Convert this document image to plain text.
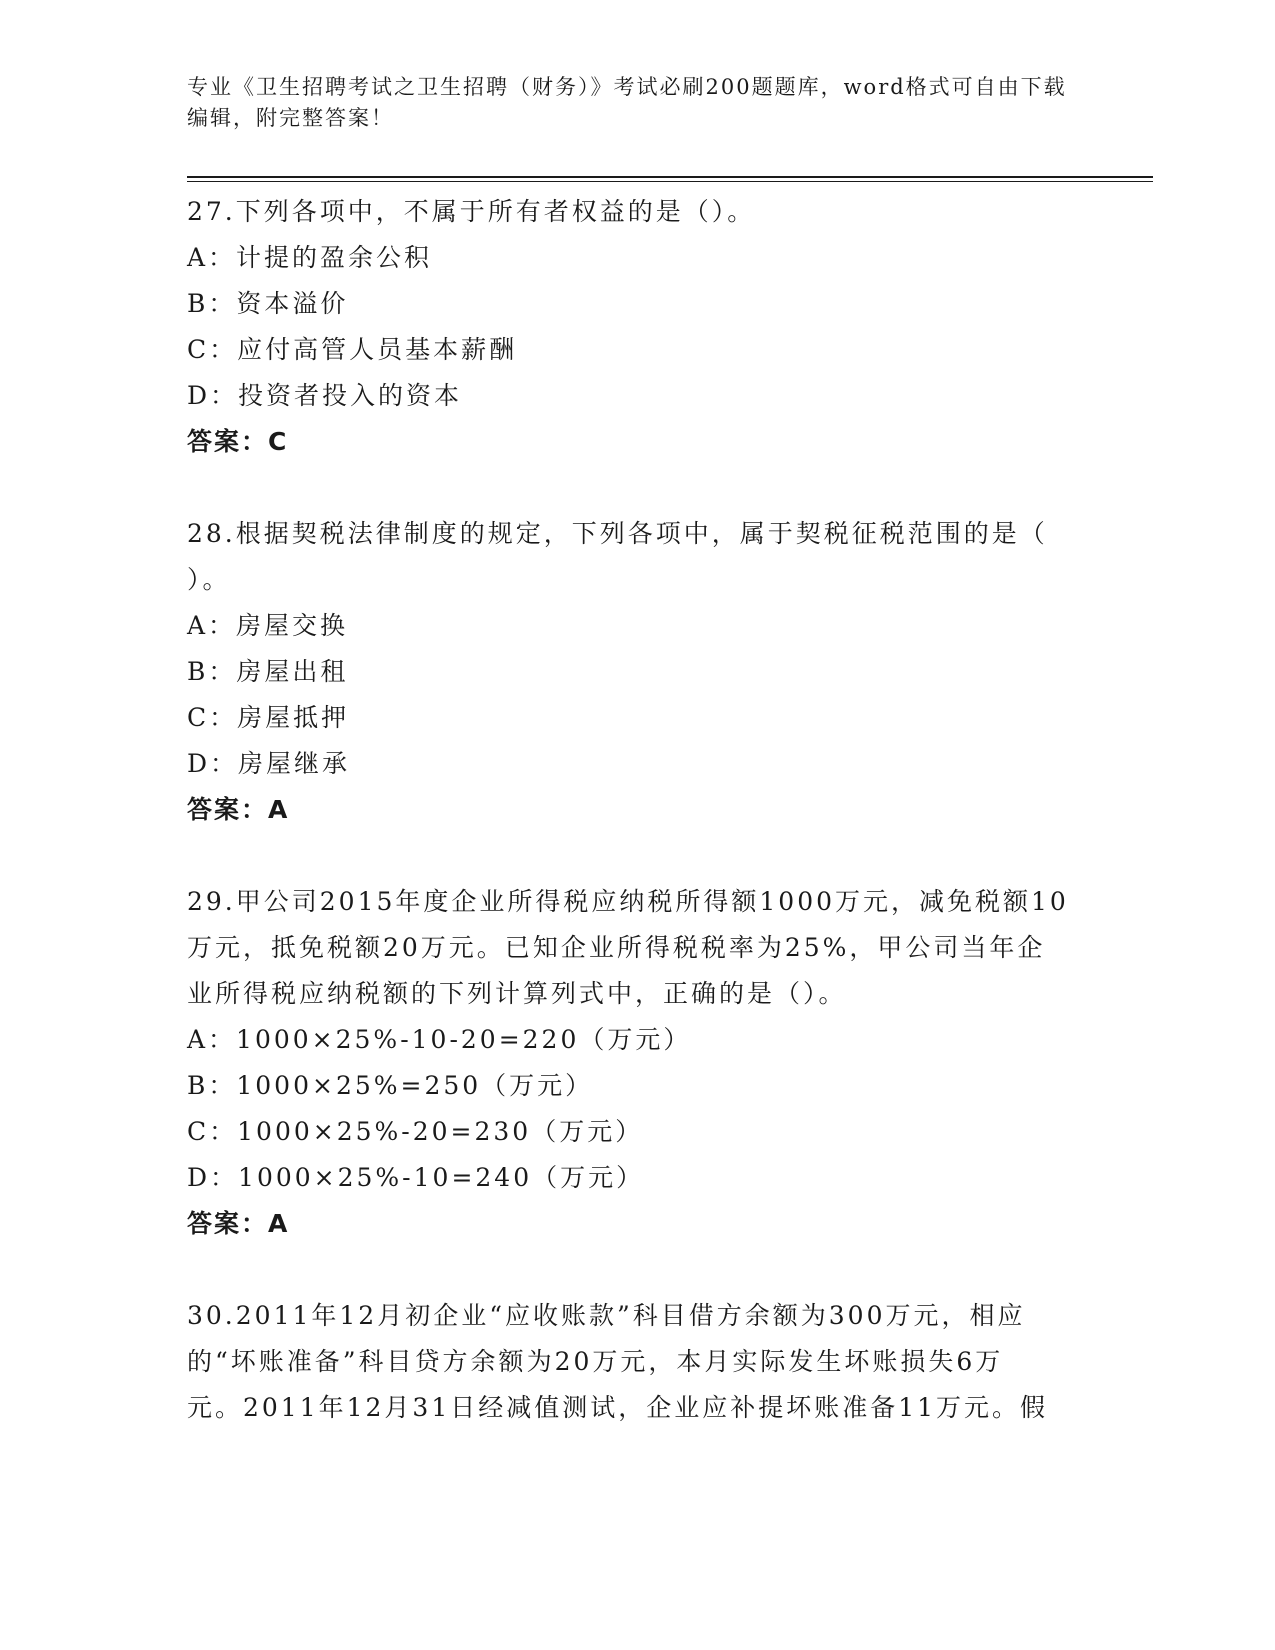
专业《卫生招聘考试之卫生招聘（财务）》考试必刷200题题库，word格式可自由下载编辑，附完整答案！

27.下列各项中，不属于所有者权益的是（）。

A：计提的盈余公积

B：资本溢价

C：应付高管人员基本薪酬

D：投资者投入的资本

答案：C

28.根据契税法律制度的规定，下列各项中，属于契税征税范围的是（

）。

A：房屋交换

B：房屋出租

C：房屋抵押

D：房屋继承

答案：A

29.甲公司2015年度企业所得税应纳税所得额1000万元，减免税额10

万元，抵免税额20万元。已知企业所得税税率为25%，甲公司当年企

业所得税应纳税额的下列计算列式中，正确的是（）。

A：1000×25%-10-20=220（万元）

B：1000×25%=250（万元）

C：1000×25%-20=230（万元）

D：1000×25%-10=240（万元）

答案：A

30.2011年12月初企业“应收账款”科目借方余额为300万元，相应

的“坏账准备”科目贷方余额为20万元，本月实际发生坏账损失6万

元。2011年12月31日经减值测试，企业应补提坏账准备11万元。假
